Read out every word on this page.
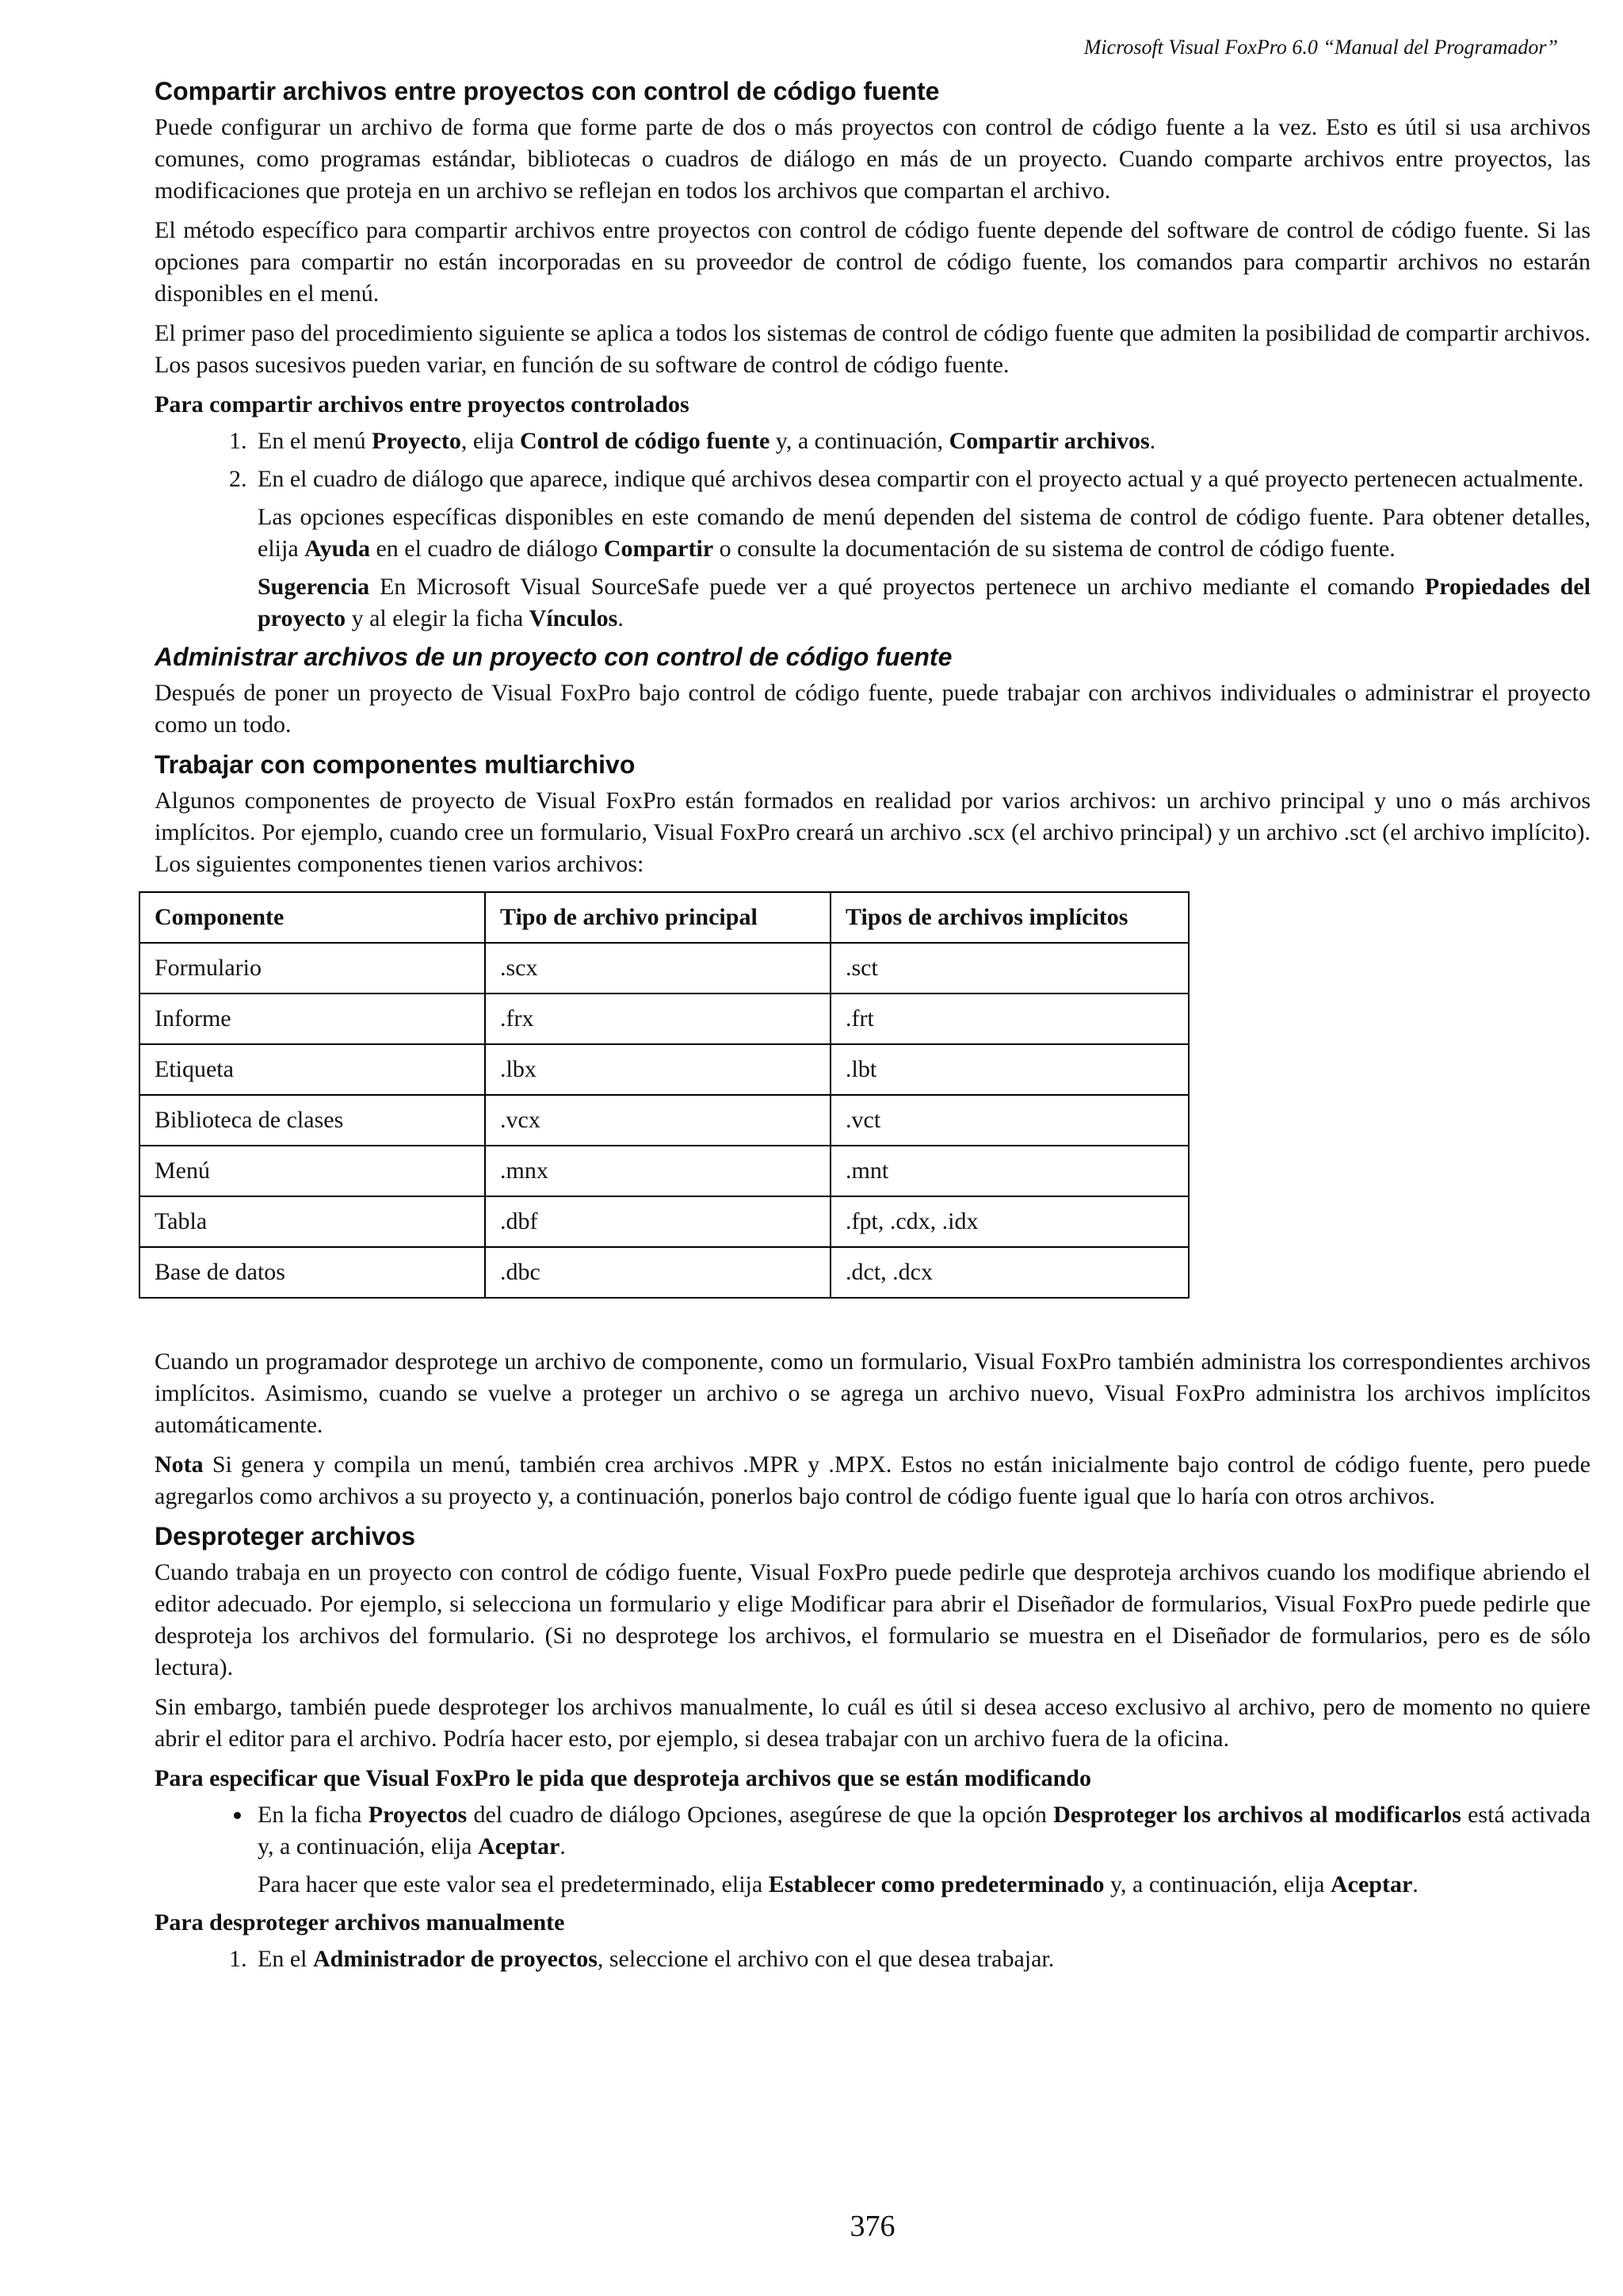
Microsoft Visual FoxPro 6.0 “Manual del Programador”
Compartir archivos entre proyectos con control de código fuente

Puede configurar un archivo de forma que forme parte de dos o más proyectos con control de código fuente a la vez. Esto es útil si usa archivos comunes, como programas estándar, bibliotecas o cuadros de diálogo en más de un proyecto. Cuando comparte archivos entre proyectos, las modificaciones que proteja en un archivo se reflejan en todos los archivos que compartan el archivo.

El método específico para compartir archivos entre proyectos con control de código fuente depende del software de control de código fuente. Si las opciones para compartir no están incorporadas en su proveedor de control de código fuente, los comandos para compartir archivos no estarán disponibles en el menú.

El primer paso del procedimiento siguiente se aplica a todos los sistemas de control de código fuente que admiten la posibilidad de compartir archivos. Los pasos sucesivos pueden variar, en función de su software de control de código fuente.

Para compartir archivos entre proyectos controlados

1. En el menú Proyecto, elija Control de código fuente y, a continuación, Compartir archivos.
2. En el cuadro de diálogo que aparece, indique qué archivos desea compartir con el proyecto actual y a qué proyecto pertenecen actualmente.

Las opciones específicas disponibles en este comando de menú dependen del sistema de control de código fuente. Para obtener detalles, elija Ayuda en el cuadro de diálogo Compartir o consulte la documentación de su sistema de control de código fuente.

Sugerencia En Microsoft Visual SourceSafe puede ver a qué proyectos pertenece un archivo mediante el comando Propiedades del proyecto y al elegir la ficha Vínculos.

Administrar archivos de un proyecto con control de código fuente

Después de poner un proyecto de Visual FoxPro bajo control de código fuente, puede trabajar con archivos individuales o administrar el proyecto como un todo.

Trabajar con componentes multiarchivo

Algunos componentes de proyecto de Visual FoxPro están formados en realidad por varios archivos: un archivo principal y uno o más archivos implícitos. Por ejemplo, cuando cree un formulario, Visual FoxPro creará un archivo .scx (el archivo principal) y un archivo .sct (el archivo implícito). Los siguientes componentes tienen varios archivos:

Componente	Tipo de archivo principal	Tipos de archivos implícitos
Formulario	.scx	.sct
Informe	.frx	.frt
Etiqueta	.lbx	.lbt
Biblioteca de clases	.vcx	.vct
Menú	.mnx	.mnt
Tabla	.dbf	.fpt, .cdx, .idx
Base de datos	.dbc	.dct, .dcx

Cuando un programador desprotege un archivo de componente, como un formulario, Visual FoxPro también administra los correspondientes archivos implícitos. Asimismo, cuando se vuelve a proteger un archivo o se agrega un archivo nuevo, Visual FoxPro administra los archivos implícitos automáticamente.

Nota Si genera y compila un menú, también crea archivos .MPR y .MPX. Estos no están inicialmente bajo control de código fuente, pero puede agregarlos como archivos a su proyecto y, a continuación, ponerlos bajo control de código fuente igual que lo haría con otros archivos.

Desproteger archivos

Cuando trabaja en un proyecto con control de código fuente, Visual FoxPro puede pedirle que desproteja archivos cuando los modifique abriendo el editor adecuado. Por ejemplo, si selecciona un formulario y elige Modificar para abrir el Diseñador de formularios, Visual FoxPro puede pedirle que desproteja los archivos del formulario. (Si no desprotege los archivos, el formulario se muestra en el Diseñador de formularios, pero es de sólo lectura).

Sin embargo, también puede desproteger los archivos manualmente, lo cuál es útil si desea acceso exclusivo al archivo, pero de momento no quiere abrir el editor para el archivo. Podría hacer esto, por ejemplo, si desea trabajar con un archivo fuera de la oficina.

Para especificar que Visual FoxPro le pida que desproteja archivos que se están modificando

• En la ficha Proyectos del cuadro de diálogo Opciones, asegúrese de que la opción Desproteger los archivos al modificarlos está activada y, a continuación, elija Aceptar.

Para hacer que este valor sea el predeterminado, elija Establecer como predeterminado y, a continuación, elija Aceptar.

Para desproteger archivos manualmente

1. En el Administrador de proyectos, seleccione el archivo con el que desea trabajar.
376
